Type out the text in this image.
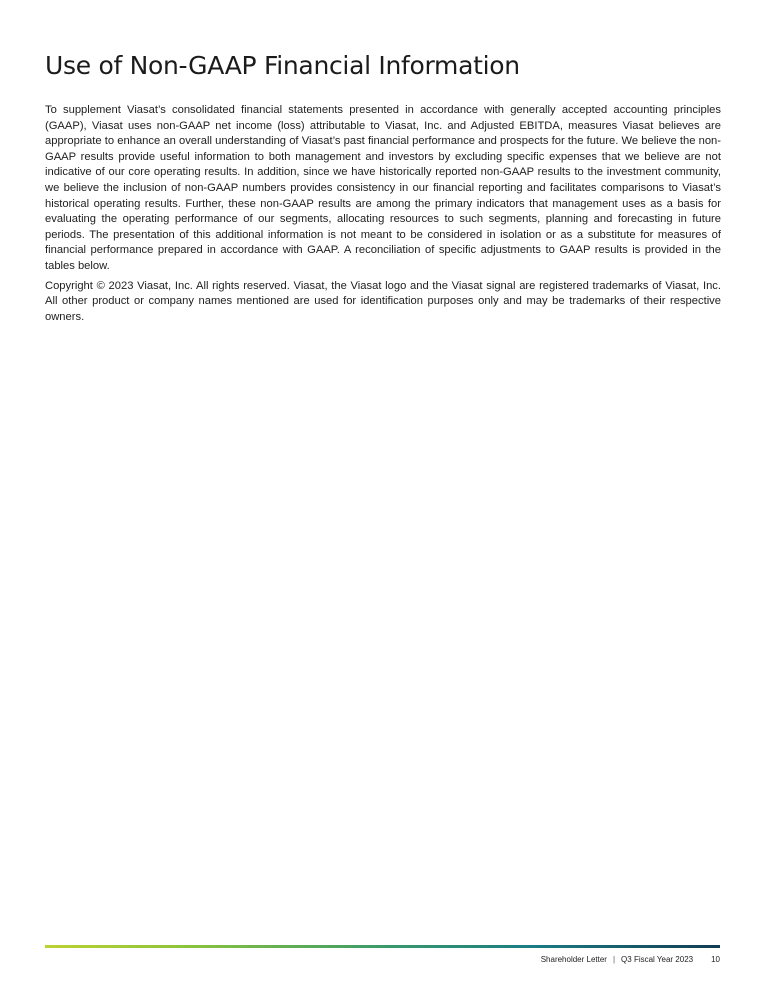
Use of Non-GAAP Financial Information

To supplement Viasat’s consolidated financial statements presented in accordance with generally accepted accounting principles (GAAP), Viasat uses non-GAAP net income (loss) attributable to Viasat, Inc. and Adjusted EBITDA, measures Viasat believes are appropriate to enhance an overall understanding of Viasat’s past financial performance and prospects for the future. We believe the non-GAAP results provide useful information to both management and investors by excluding specific expenses that we believe are not indicative of our core operating results. In addition, since we have historically reported non-GAAP results to the investment community, we believe the inclusion of non-GAAP numbers provides consistency in our financial reporting and facilitates comparisons to Viasat’s historical operating results. Further, these non-GAAP results are among the primary indicators that management uses as a basis for evaluating the operating performance of our segments, allocating resources to such segments, planning and forecasting in future periods. The presentation of this additional information is not meant to be considered in isolation or as a substitute for measures of financial performance prepared in accordance with GAAP. A reconciliation of specific adjustments to GAAP results is provided in the tables below.

Copyright © 2023 Viasat, Inc. All rights reserved. Viasat, the Viasat logo and the Viasat signal are registered trademarks of Viasat, Inc. All other product or company names mentioned are used for identification purposes only and may be trademarks of their respective owners.

Shareholder Letter | Q3 Fiscal Year 2023 10
